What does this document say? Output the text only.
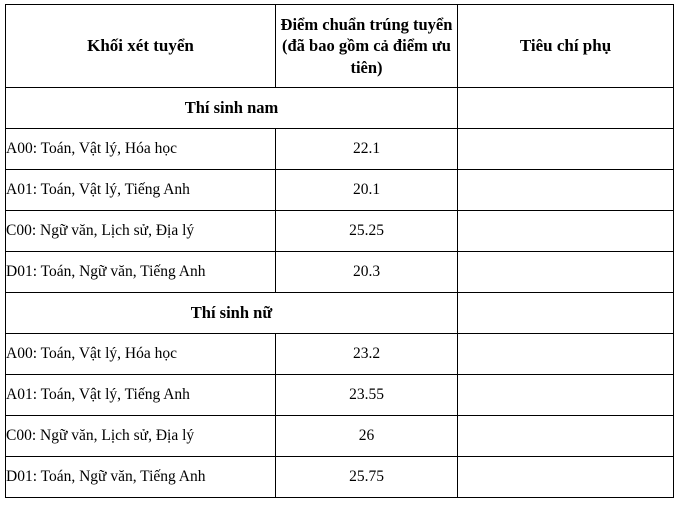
Khối xét tuyển	Điểm chuẩn trúng tuyển (đã bao gồm cả điểm ưu tiên)	Tiêu chí phụ
Thí sinh nam		
A00: Toán, Vật lý, Hóa học	22.1	
A01: Toán, Vật lý, Tiếng Anh	20.1	
C00: Ngữ văn, Lịch sử, Địa lý	25.25	
D01: Toán, Ngữ văn, Tiếng Anh	20.3	
Thí sinh nữ		
A00: Toán, Vật lý, Hóa học	23.2	
A01: Toán, Vật lý, Tiếng Anh	23.55	
C00: Ngữ văn, Lịch sử, Địa lý	26	
D01: Toán, Ngữ văn, Tiếng Anh	25.75	
